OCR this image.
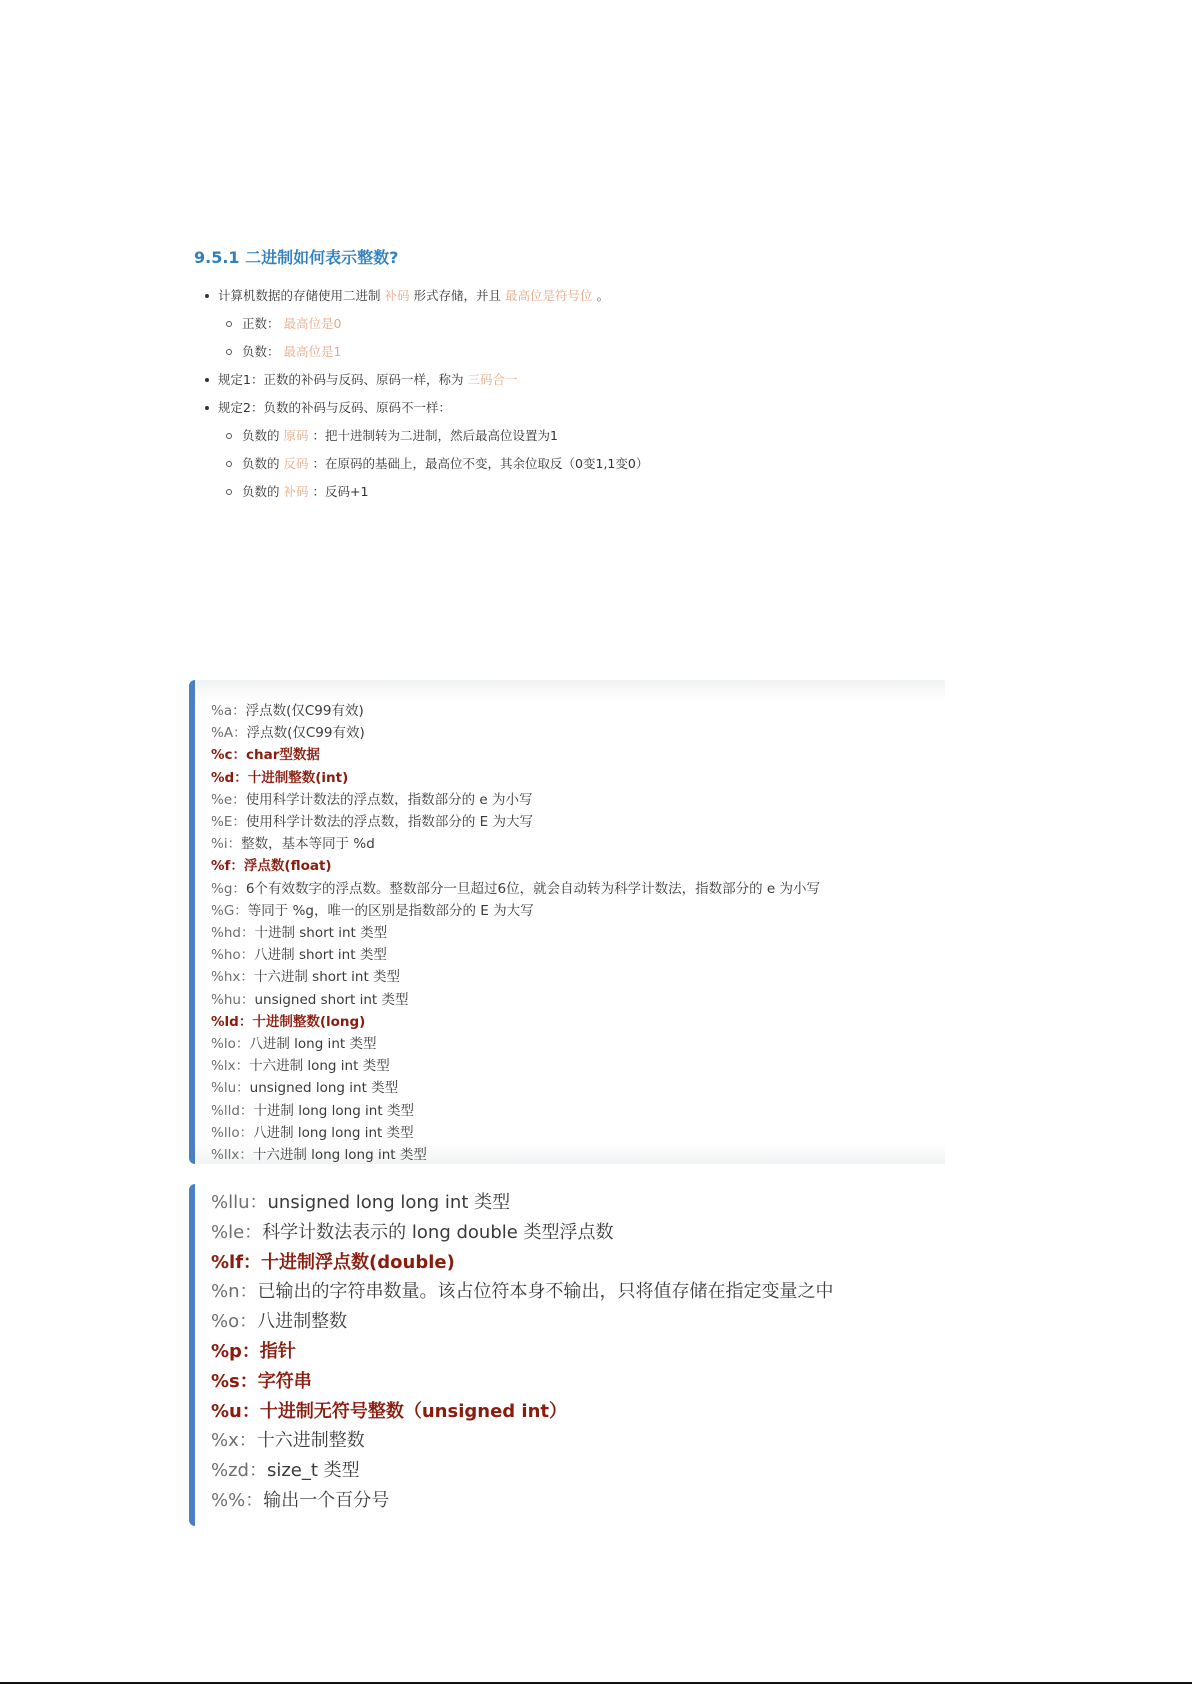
9.5.1 二进制如何表示整数?
计算机数据的存储使用二进制 补码 形式存储，并且 最高位是符号位 。
正数： 最高位是0
负数： 最高位是1
规定1：正数的补码与反码、原码一样，称为 三码合一
规定2：负数的补码与反码、原码不一样：
负数的 原码 ：把十进制转为二进制，然后最高位设置为1
负数的 反码 ：在原码的基础上，最高位不变，其余位取反（0变1,1变0）
负数的 补码 ：反码+1
%a：浮点数(仅C99有效)
%A：浮点数(仅C99有效)
%c：char型数据
%d：十进制整数(int)
%e：使用科学计数法的浮点数，指数部分的 e 为小写
%E：使用科学计数法的浮点数，指数部分的 E 为大写
%i：整数，基本等同于 %d
%f：浮点数(float)
%g：6个有效数字的浮点数。整数部分一旦超过6位，就会自动转为科学计数法，指数部分的 e 为小写
%G：等同于 %g，唯一的区别是指数部分的 E 为大写
%hd：十进制 short int 类型
%ho：八进制 short int 类型
%hx：十六进制 short int 类型
%hu：unsigned short int 类型
%ld：十进制整数(long)
%lo：八进制 long int 类型
%lx：十六进制 long int 类型
%lu：unsigned long int 类型
%lld：十进制 long long int 类型
%llo：八进制 long long int 类型
%llx：十六进制 long long int 类型
%llu：unsigned long long int 类型
%le：科学计数法表示的 long double 类型浮点数
%lf：十进制浮点数(double)
%n：已输出的字符串数量。该占位符本身不输出，只将值存储在指定变量之中
%o：八进制整数
%p：指针
%s：字符串
%u：十进制无符号整数（unsigned int）
%x：十六进制整数
%zd：size_t 类型
%%：输出一个百分号
